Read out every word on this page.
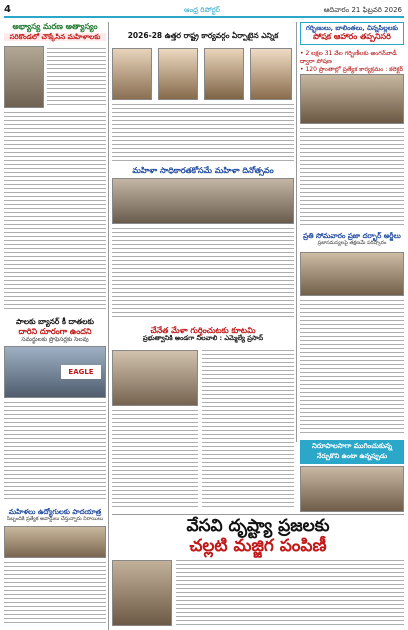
4	ఆంధ్ర రిపోర్టర్	ఆదివారం 21 ఫిబ్రవరి 2026
అభ్యాస్య మరణ అత్యాస్యం
సరికొండలో చౌక్కేసిన మహిళాలకు
పాలకు బ్యానర్ కీ దాతలకు
దారిని దూరంగా ఉందని
సమర్థులకు ప్రొఫెసర్లకు సెలవు
EAGLE
మహిళలు ఉద్యోగులకు పాదయాత్ర
సిబ్బందికి ప్రత్యేక అవార్డులు చేస్తున్నారు నిరాయిలు
2026-28 ఉత్తర రాష్ట్ర కార్యవర్గం ఏర్పాటైన ఎన్నిక
మహిళా సాధికారతకోసమే మహిళా దినోత్సవం
చేనేత మేళా గుర్తించుటకు కూటమి
ప్రభుత్వానికి అండగా నిలవాలి : ఎమ్మెల్యే ప్రసాద్
గర్భిణులు, బాలింతలు, చిన్నపిల్లలకు
పోషక ఆహారం తప్పనిసరి
• 2 లక్షల 31 వేల గర్భిణీలకు అంగన్‌వాడీ ద్వారా పోషణ
• 120 ప్రాంతాల్లో ప్రత్యేక కార్యక్రమం : కలెక్టర్
ప్రతి సోమవారం ప్రజా దర్బార్ అర్జీలు
ప్రజాసమస్యలపై తక్షణమే పరిష్కారం
నిరూపాలసాగా ముగించుకున్న
నేర్చుకొని ఉంటా ఉన్నప్పుడు
వేసవి దృష్ట్యా ప్రజలకు
చల్లటి మజ్జిగ పంపిణీ
